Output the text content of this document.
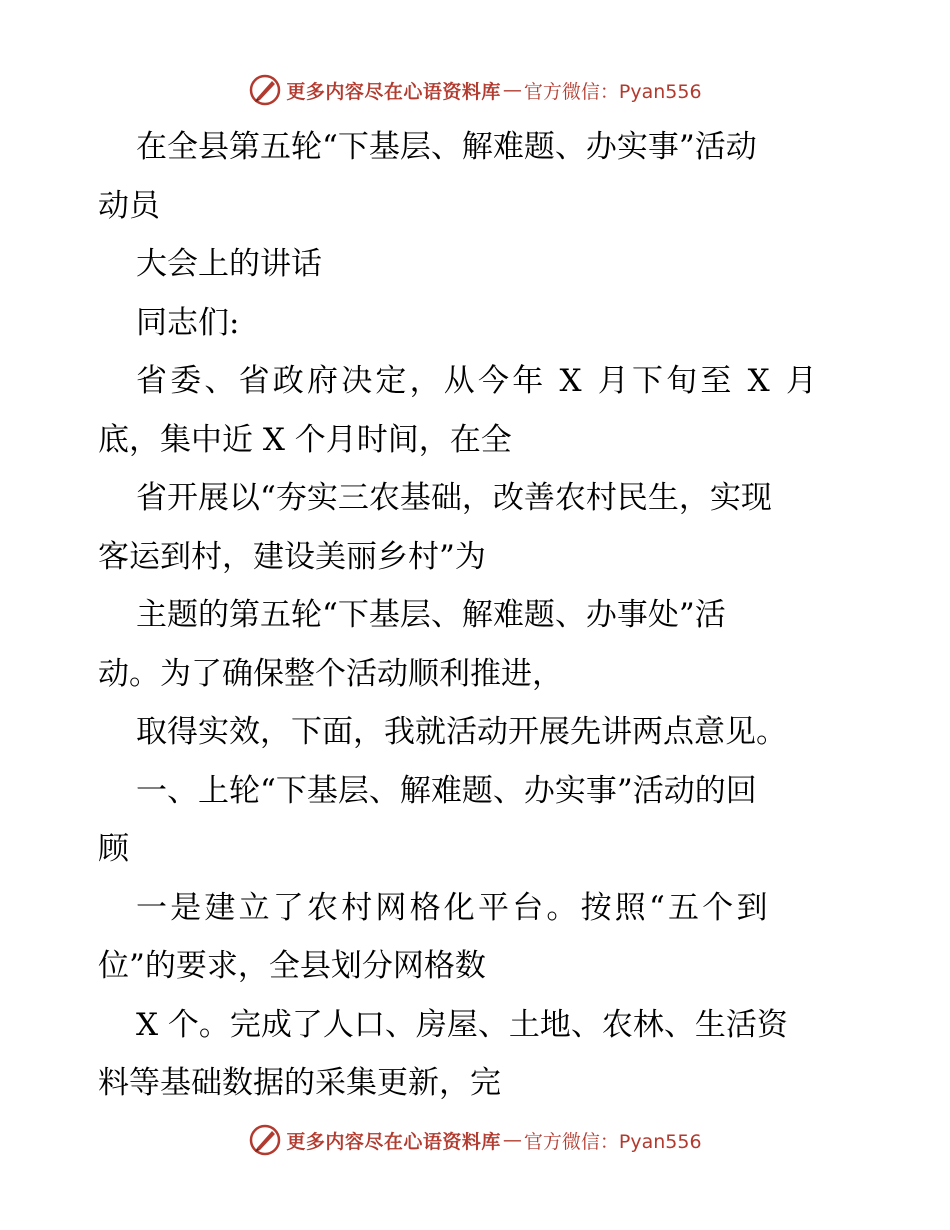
更多内容尽在心语资料库 — 官方微信：Pyan556
在全县第五轮“下基层、解难题、办实事”活动
动员
大会上的讲话
同志们:
省委、省政府决定，从今年 X 月下旬至 X 月
底，集中近 X 个月时间，在全
省开展以“夯实三农基础，改善农村民生，实现
客运到村，建设美丽乡村”为
主题的第五轮“下基层、解难题、办事处”活
动。为了确保整个活动顺利推进，
取得实效，下面，我就活动开展先讲两点意见。
一、上轮“下基层、解难题、办实事”活动的回
顾
一是建立了农村网格化平台。按照“五个到
位”的要求，全县划分网格数
X 个。完成了人口、房屋、土地、农林、生活资
料等基础数据的采集更新，完
更多内容尽在心语资料库 — 官方微信：Pyan556
